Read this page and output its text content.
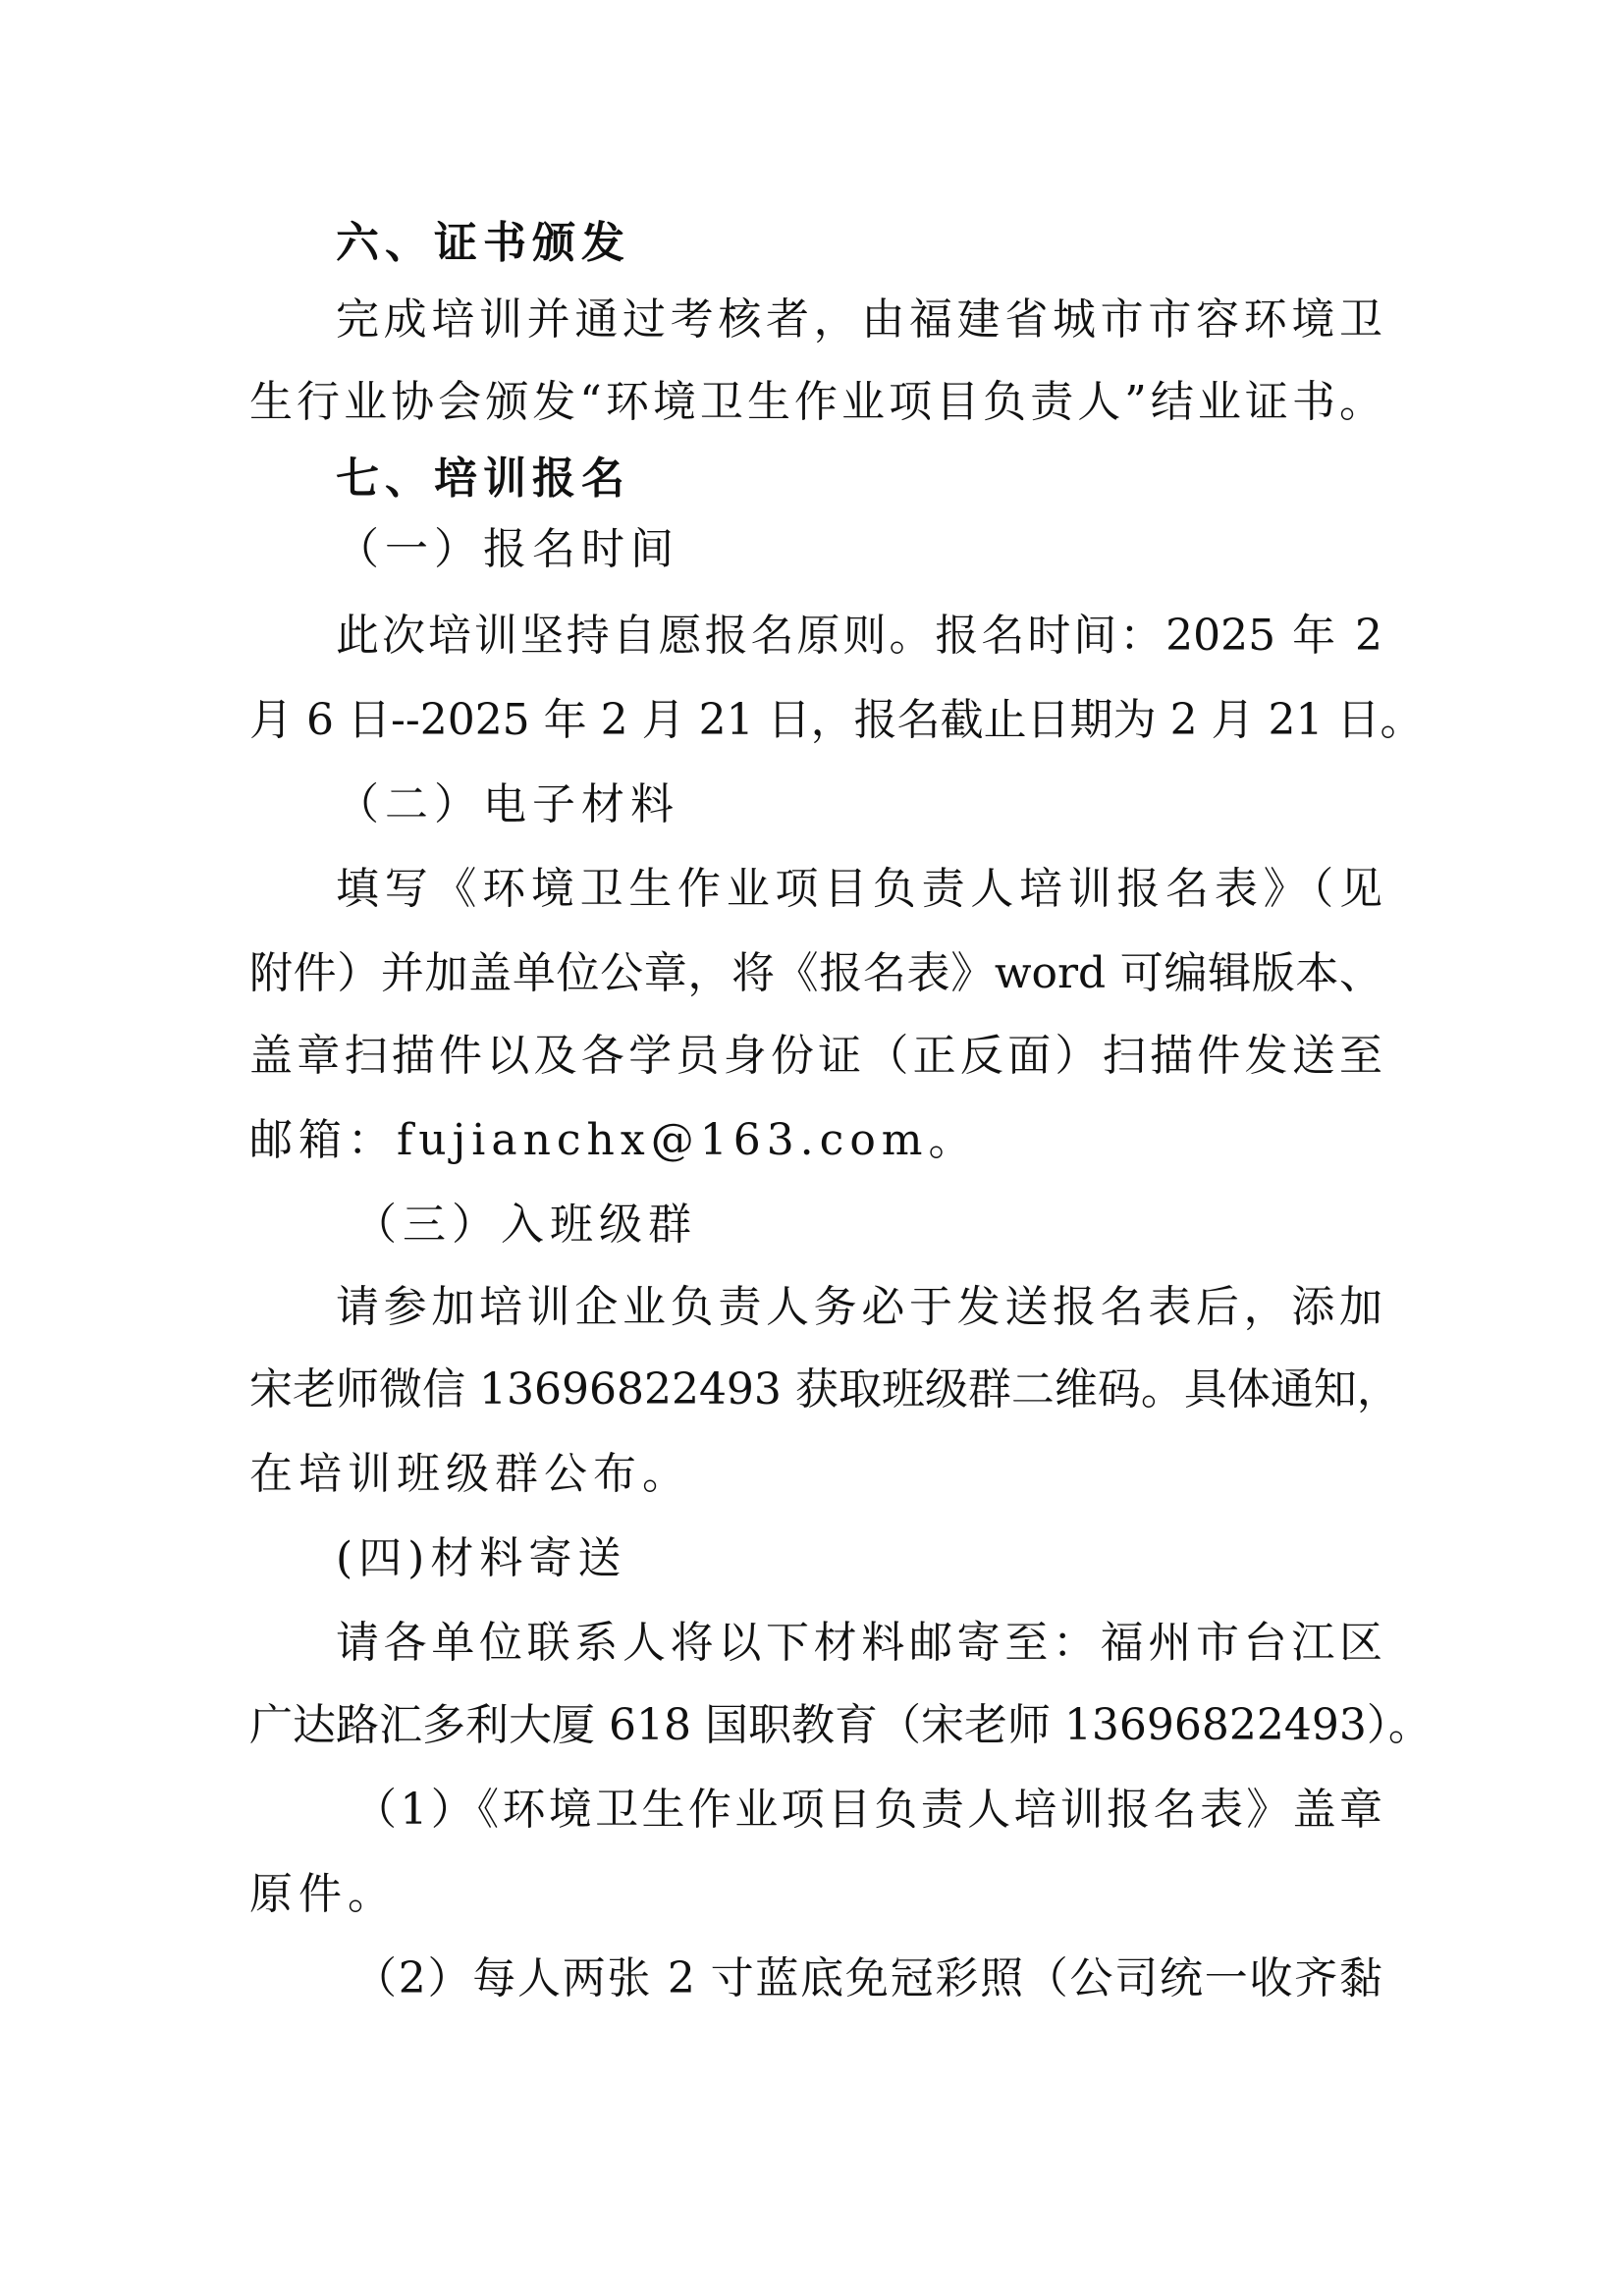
六、证书颁发
完成培训并通过考核者，由福建省城市市容环境卫
生行业协会颁发“环境卫生作业项目负责人”结业证书。
七、培训报名
（一）报名时间
此次培训坚持自愿报名原则。报名时间：2025 年 2
月 6 日--2025 年 2 月 21 日，报名截止日期为 2 月 21 日。
（二）电子材料
填写《环境卫生作业项目负责人培训报名表》（见
附件）并加盖单位公章，将《报名表》word 可编辑版本、
盖章扫描件以及各学员身份证（正反面）扫描件发送至
邮箱：fujianchx@163.com。
（三）入班级群
请参加培训企业负责人务必于发送报名表后，添加
宋老师微信 13696822493 获取班级群二维码。具体通知，
在培训班级群公布。
(四)材料寄送
请各单位联系人将以下材料邮寄至：福州市台江区
广达路汇多利大厦 618 国职教育（宋老师 13696822493）。
（1）《环境卫生作业项目负责人培训报名表》盖章
原件。
（2）每人两张 2 寸蓝底免冠彩照（公司统一收齐黏
